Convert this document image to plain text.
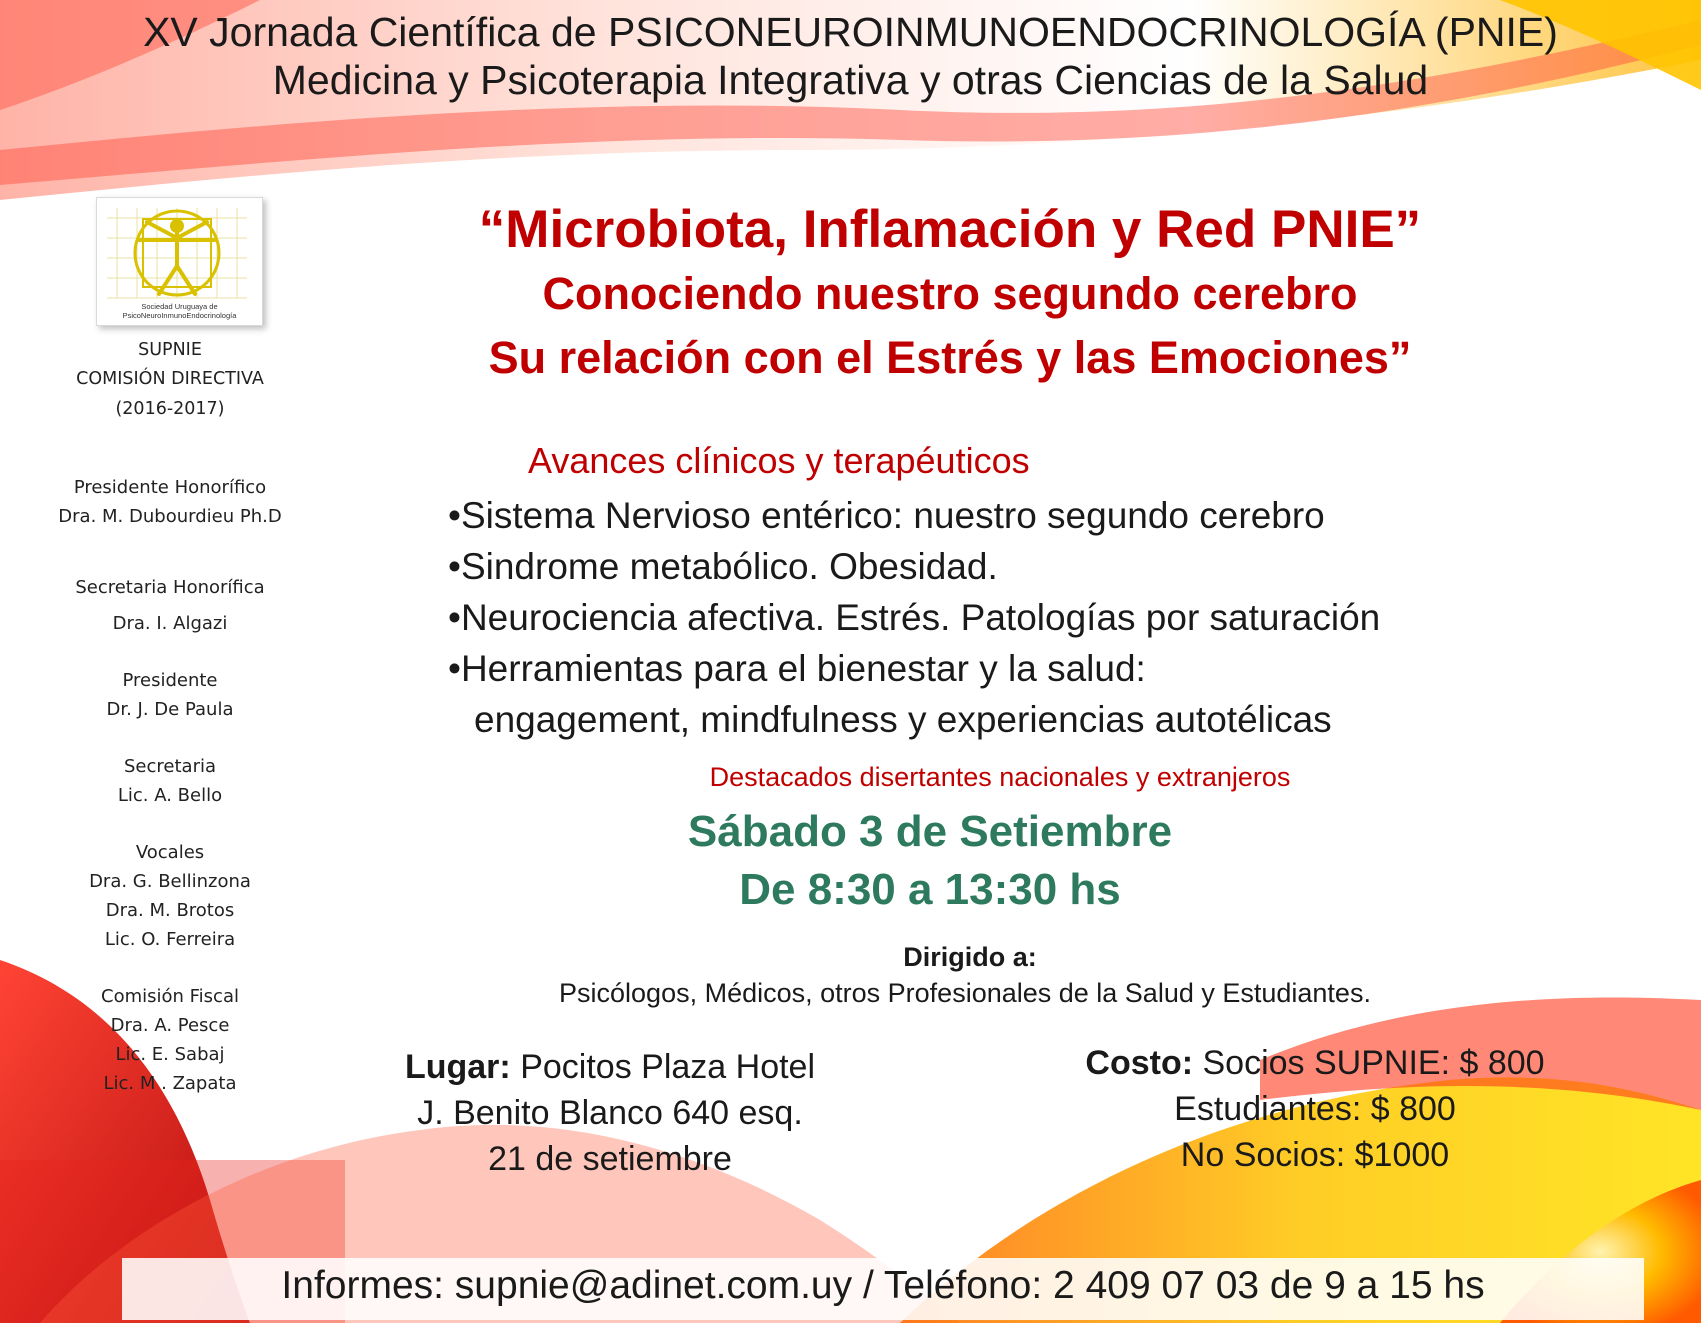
XV Jornada Científica de PSICONEUROINMUNOENDOCRINOLOGÍA (PNIE)
Medicina y Psicoterapia Integrativa y otras Ciencias de la Salud
Sociedad Uruguaya de
PsicoNeuroInmunoEndocrinología
SUPNIE
COMISIÓN DIRECTIVA
(2016-2017)
Presidente Honorífico
Dra. M. Dubourdieu Ph.D
Secretaria Honorífica
Dra. I. Algazi
Presidente
Dr. J. De Paula
Secretaria
Lic. A. Bello
Vocales
Dra. G. Bellinzona
Dra. M. Brotos
Lic. O. Ferreira
Comisión Fiscal
Dra. A. Pesce
Lic. E. Sabaj
Lic. M . Zapata
“Microbiota, Inflamación y Red PNIE”
Conociendo nuestro segundo cerebro
Su relación con el Estrés y las Emociones”
Avances clínicos y terapéuticos
•Sistema Nervioso entérico: nuestro segundo cerebro
•Sindrome metabólico. Obesidad.
•Neurociencia afectiva. Estrés. Patologías por saturación
•Herramientas para el bienestar y la salud:
engagement, mindfulness y experiencias autotélicas
Destacados disertantes nacionales y extranjeros
Sábado 3 de Setiembre
De 8:30 a 13:30 hs
Dirigido a:
Psicólogos, Médicos, otros Profesionales de la Salud y Estudiantes.
Lugar: Pocitos Plaza Hotel
J. Benito Blanco 640 esq.
21 de setiembre
Costo: Socios SUPNIE: $ 800
Estudiantes: $ 800
No Socios: $1000
Informes: supnie@adinet.com.uy / Teléfono: 2 409 07 03 de 9 a 15 hs
